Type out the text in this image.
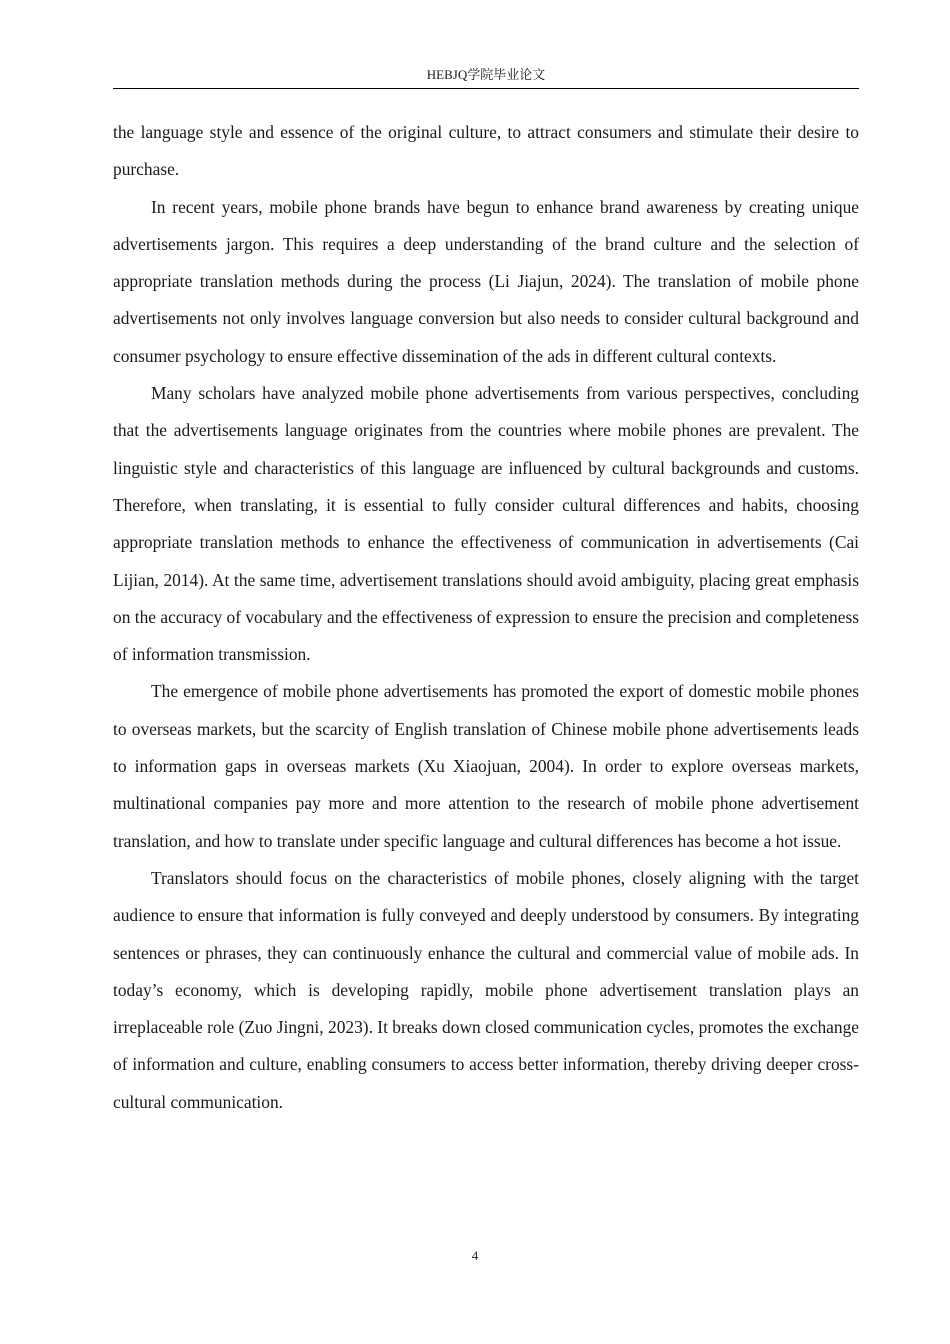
HEBJQ学院毕业论文

the language style and essence of the original culture, to attract consumers and stimulate their desire to purchase.

In recent years, mobile phone brands have begun to enhance brand awareness by creating unique advertisements jargon. This requires a deep understanding of the brand culture and the selection of appropriate translation methods during the process (Li Jiajun, 2024). The translation of mobile phone advertisements not only involves language conversion but also needs to consider cultural background and consumer psychology to ensure effective dissemination of the ads in different cultural contexts.

Many scholars have analyzed mobile phone advertisements from various perspectives, concluding that the advertisements language originates from the countries where mobile phones are prevalent. The linguistic style and characteristics of this language are influenced by cultural backgrounds and customs. Therefore, when translating, it is essential to fully consider cultural differences and habits, choosing appropriate translation methods to enhance the effectiveness of communication in advertisements (Cai Lijian, 2014). At the same time, advertisement translations should avoid ambiguity, placing great emphasis on the accuracy of vocabulary and the effectiveness of expression to ensure the precision and completeness of information transmission.

The emergence of mobile phone advertisements has promoted the export of domestic mobile phones to overseas markets, but the scarcity of English translation of Chinese mobile phone advertisements leads to information gaps in overseas markets (Xu Xiaojuan, 2004). In order to explore overseas markets, multinational companies pay more and more attention to the research of mobile phone advertisement translation, and how to translate under specific language and cultural differences has become a hot issue.

Translators should focus on the characteristics of mobile phones, closely aligning with the target audience to ensure that information is fully conveyed and deeply understood by consumers. By integrating sentences or phrases, they can continuously enhance the cultural and commercial value of mobile ads. In today’s economy, which is developing rapidly, mobile phone advertisement translation plays an irreplaceable role (Zuo Jingni, 2023). It breaks down closed communication cycles, promotes the exchange of information and culture, enabling consumers to access better information, thereby driving deeper cross-cultural communication.

4
